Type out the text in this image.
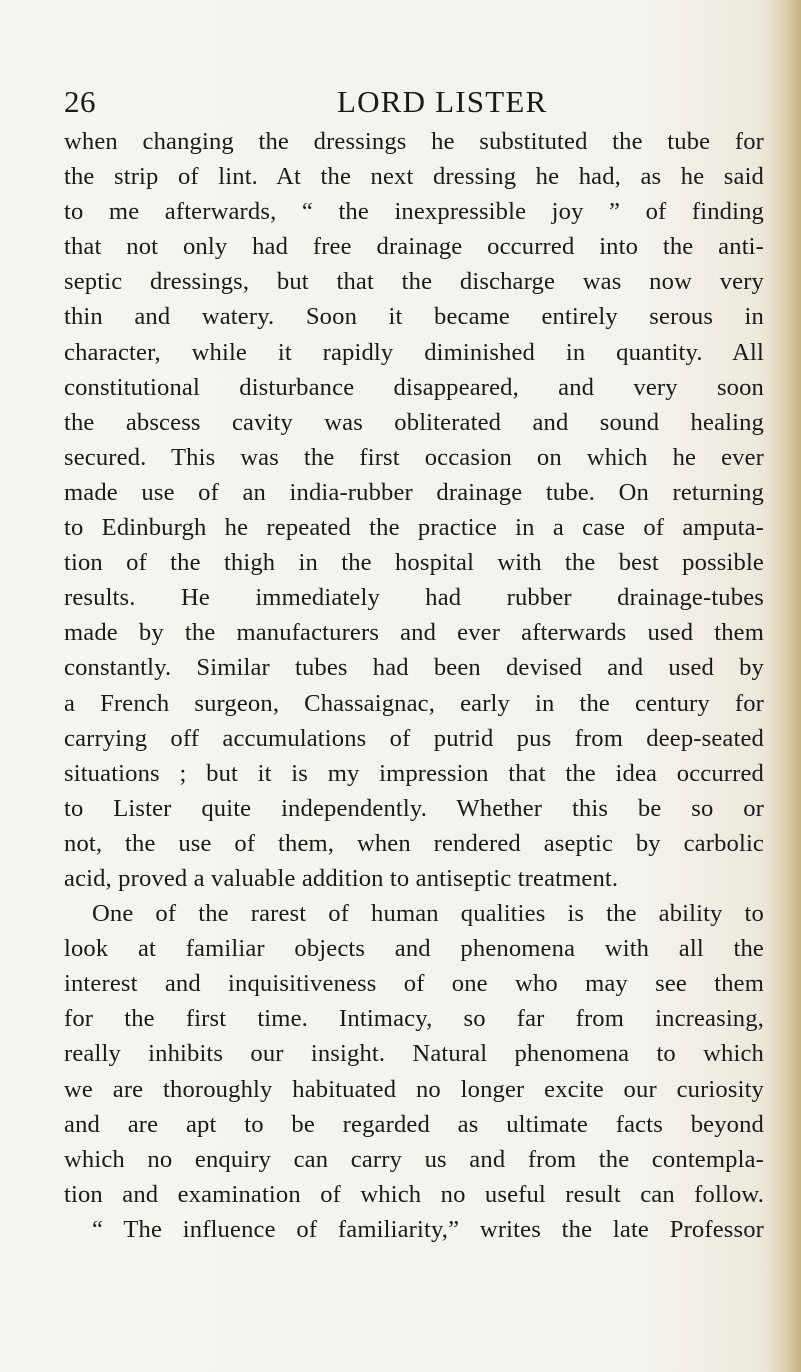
26	LORD LISTER
when changing the dressings he substituted the tube for
the strip of lint. At the next dressing he had, as he said
to me afterwards, “ the inexpressible joy ” of finding
that not only had free drainage occurred into the anti-
septic dressings, but that the discharge was now very
thin and watery. Soon it became entirely serous in
character, while it rapidly diminished in quantity. All
constitutional disturbance disappeared, and very soon
the abscess cavity was obliterated and sound healing
secured. This was the first occasion on which he ever
made use of an india-rubber drainage tube. On returning
to Edinburgh he repeated the practice in a case of amputa-
tion of the thigh in the hospital with the best possible
results. He immediately had rubber drainage-tubes
made by the manufacturers and ever afterwards used them
constantly. Similar tubes had been devised and used by
a French surgeon, Chassaignac, early in the century for
carrying off accumulations of putrid pus from deep-seated
situations ; but it is my impression that the idea occurred
to Lister quite independently. Whether this be so or
not, the use of them, when rendered aseptic by carbolic
acid, proved a valuable addition to antiseptic treatment.
One of the rarest of human qualities is the ability to
look at familiar objects and phenomena with all the
interest and inquisitiveness of one who may see them
for the first time. Intimacy, so far from increasing,
really inhibits our insight. Natural phenomena to which
we are thoroughly habituated no longer excite our curiosity
and are apt to be regarded as ultimate facts beyond
which no enquiry can carry us and from the contempla-
tion and examination of which no useful result can follow.
“ The influence of familiarity,” writes the late Professor
